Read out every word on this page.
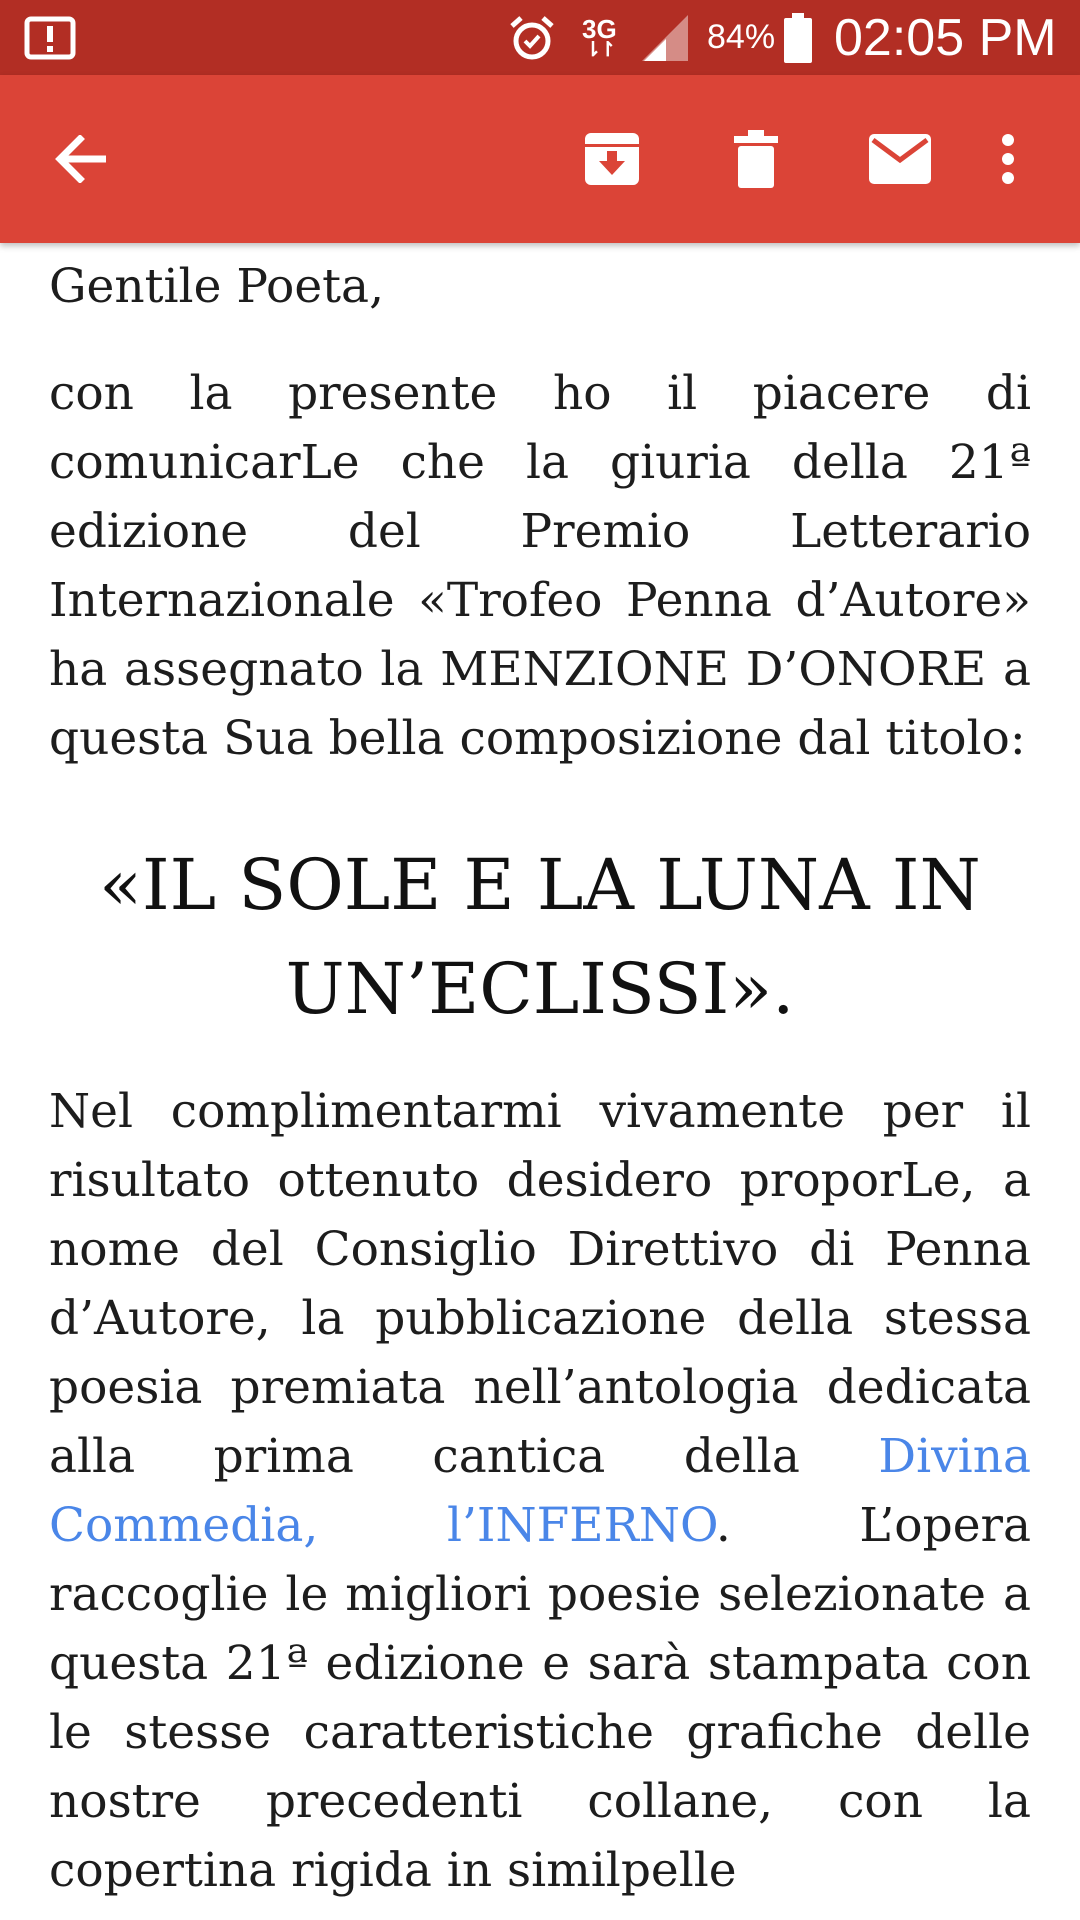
3G
⇂↾	84% 02:05 PM

Gentile Poeta,

con la presente ho il piacere di comunicarLe che la giuria della 21ª edizione del Premio Letterario Internazionale «Trofeo Penna d’Autore» ha assegnato la MENZIONE D’ONORE a questa Sua bella composizione dal titolo:

«IL SOLE E LA LUNA IN
UN’ECLISSI».

Nel complimentarmi vivamente per il risultato ottenuto desidero proporLe, a nome del Consiglio Direttivo di Penna d’Autore, la pubblicazione della stessa poesia premiata nell’antologia dedicata alla prima cantica della Divina Commedia, l’INFERNO. L’opera raccoglie le migliori poesie selezionate a questa 21ª edizione e sarà stampata con le stesse caratteristiche grafiche delle nostre precedenti collane, con la copertina rigida in similpelle
